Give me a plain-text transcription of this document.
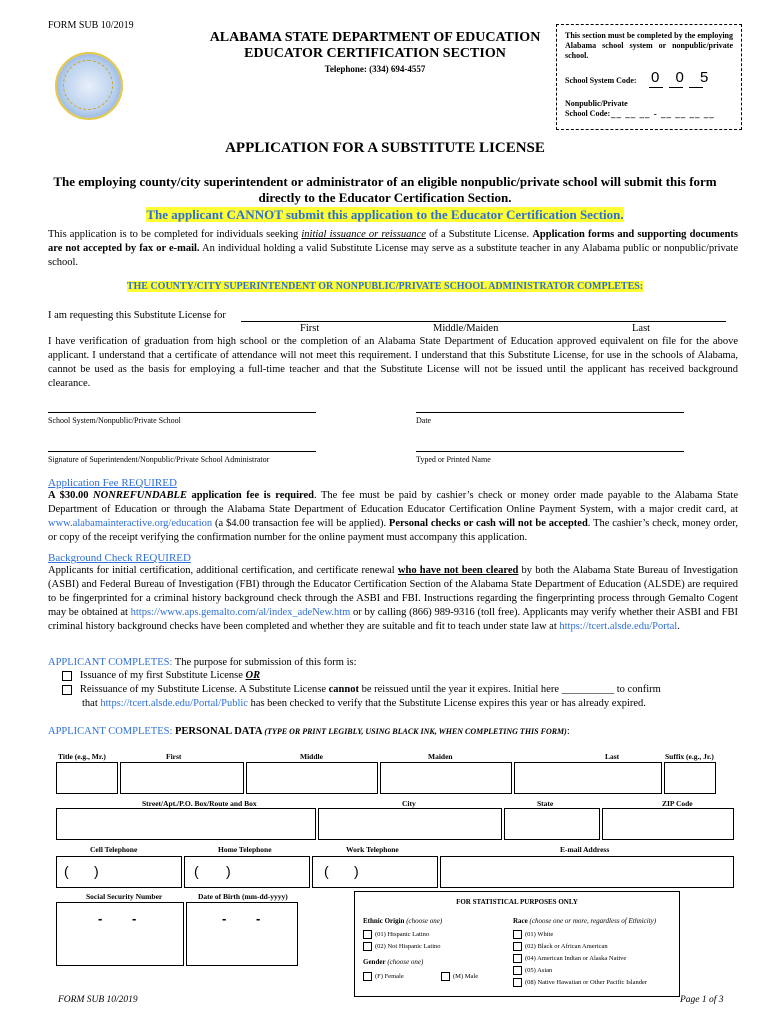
FORM SUB 10/2019
ALABAMA STATE DEPARTMENT OF EDUCATION
EDUCATOR CERTIFICATION SECTION
Telephone: (334) 694-4557
This section must be completed by the employing Alabama school system or nonpublic/private school.
School System Code: 0 0 5
Nonpublic/Private
School Code: __ __ __ - __ __ __ __
APPLICATION FOR A SUBSTITUTE LICENSE
The employing county/city superintendent or administrator of an eligible nonpublic/private school will submit this form directly to the Educator Certification Section.
The applicant CANNOT submit this application to the Educator Certification Section.
This application is to be completed for individuals seeking initial issuance or reissuance of a Substitute License. Application forms and supporting documents are not accepted by fax or e-mail. An individual holding a valid Substitute License may serve as a substitute teacher in any Alabama public or nonpublic/private school.
THE COUNTY/CITY SUPERINTENDENT OR NONPUBLIC/PRIVATE SCHOOL ADMINISTRATOR COMPLETES:
I am requesting this Substitute License for
First	Middle/Maiden	Last
I have verification of graduation from high school or the completion of an Alabama State Department of Education approved equivalent on file for the above applicant. I understand that a certificate of attendance will not meet this requirement. I understand that this Substitute License, for use in the schools of Alabama, cannot be used as the basis for employing a full-time teacher and that the Substitute License will not be issued until the applicant has received background clearance.
School System/Nonpublic/Private School	Date
Signature of Superintendent/Nonpublic/Private School Administrator	Typed or Printed Name
Application Fee REQUIRED
A $30.00 NONREFUNDABLE application fee is required. The fee must be paid by cashier’s check or money order made payable to the Alabama State Department of Education or through the Alabama State Department of Education Educator Certification Online Payment System, with a major credit card, at www.alabamainteractive.org/education (a $4.00 transaction fee will be applied). Personal checks or cash will not be accepted. The cashier’s check, money order, or copy of the receipt verifying the confirmation number for the online payment must accompany this application.
Background Check REQUIRED
Applicants for initial certification, additional certification, and certificate renewal who have not been cleared by both the Alabama State Bureau of Investigation (ASBI) and Federal Bureau of Investigation (FBI) through the Educator Certification Section of the Alabama State Department of Education (ALSDE) are required to be fingerprinted for a criminal history background check through the ASBI and FBI. Instructions regarding the fingerprinting process through Gemalto Cogent may be obtained at https://www.aps.gemalto.com/al/index_adeNew.htm or by calling (866) 989-9316 (toll free). Applicants may verify whether their ASBI and FBI criminal history background checks have been completed and whether they are suitable and fit to teach under state law at https://tcert.alsde.edu/Portal.
APPLICANT COMPLETES: The purpose for submission of this form is:
Issuance of my first Substitute License OR
Reissuance of my Substitute License. A Substitute License cannot be reissued until the year it expires. Initial here __________ to confirm
that https://tcert.alsde.edu/Portal/Public has been checked to verify that the Substitute License expires this year or has already expired.
APPLICANT COMPLETES: PERSONAL DATA (TYPE OR PRINT LEGIBLY, USING BLACK INK, WHEN COMPLETING THIS FORM):
Title (e.g., Mr.)	First	Middle	Maiden	Last	Suffix (e.g., Jr.)
Street/Apt./P.O. Box/Route and Box	City	State	ZIP Code
Cell Telephone	Home Telephone	Work Telephone	E-mail Address
( )	( )	( )
Social Security Number	Date of Birth (mm-dd-yyyy)
- -	- -
FOR STATISTICAL PURPOSES ONLY
Ethnic Origin (choose one)
(01) Hispanic Latino
(02) Not Hispanic Latino
Gender (choose one)
(F) Female	(M) Male
Race (choose one or more, regardless of Ethnicity)
(01) White
(02) Black or African American
(04) American Indian or Alaska Native
(05) Asian
(08) Native Hawaiian or Other Pacific Islander
FORM SUB 10/2019	Page 1 of 3
